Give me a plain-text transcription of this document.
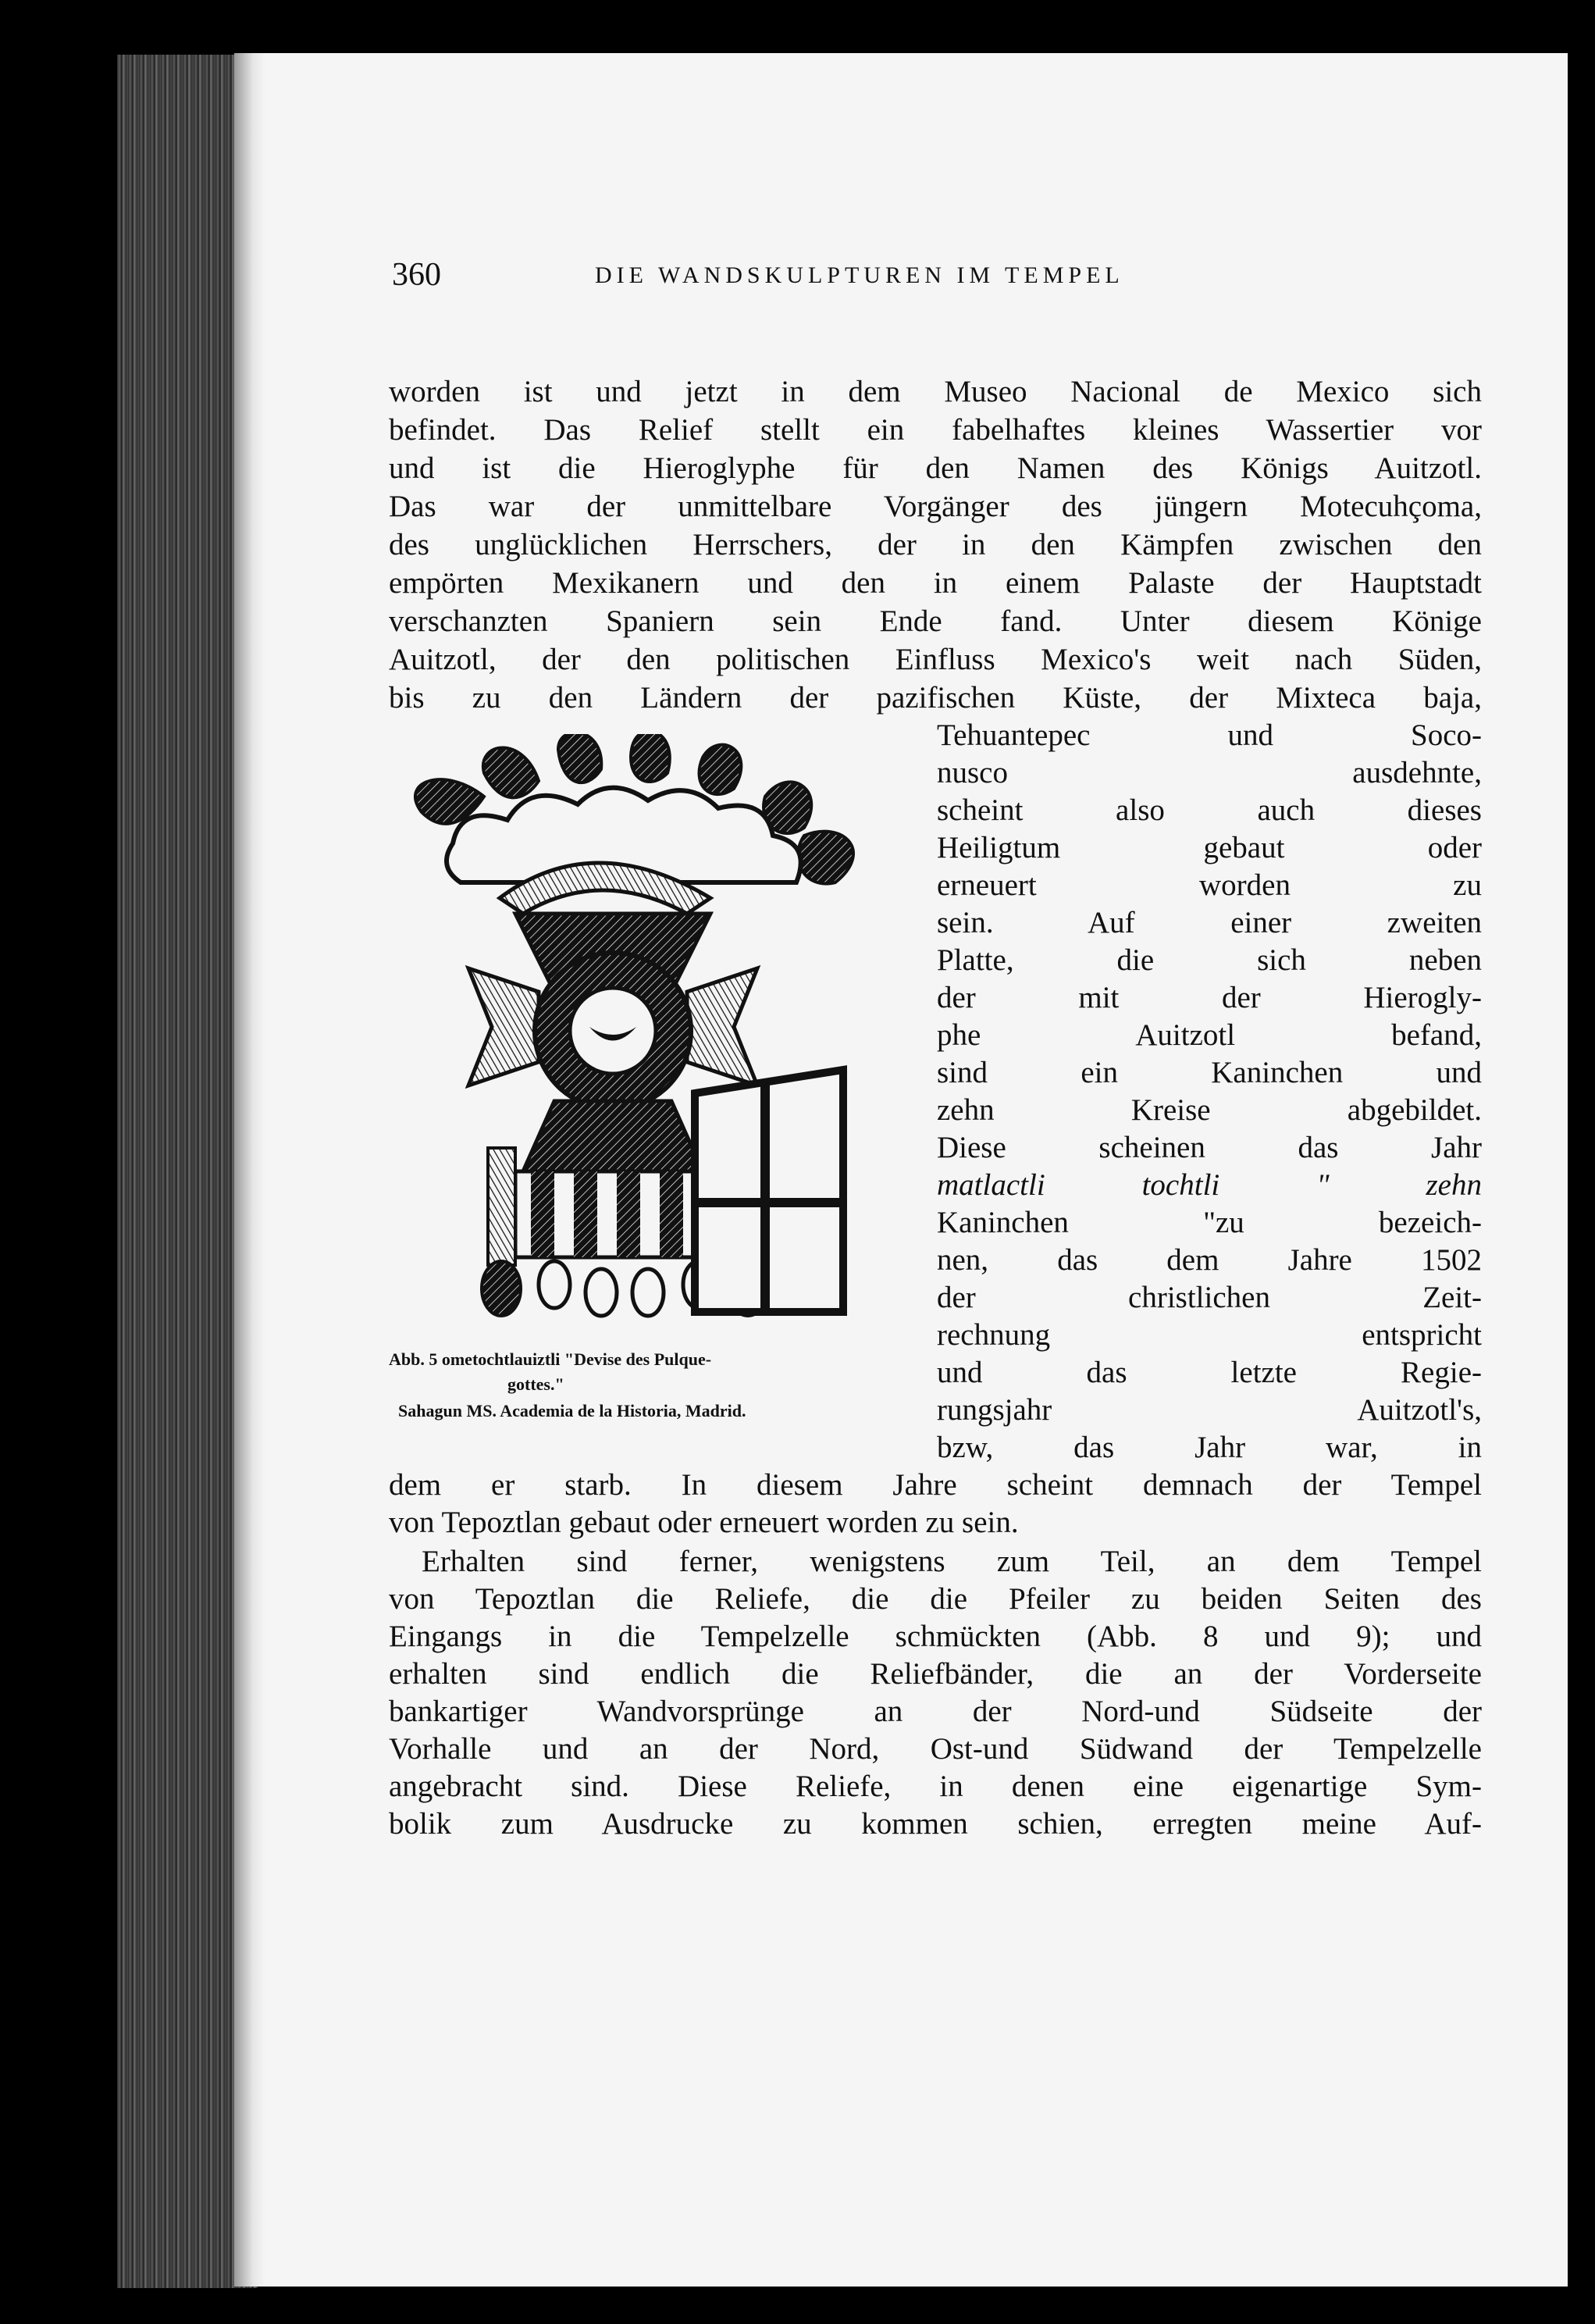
360	DIE WANDSKULPTUREN IM TEMPEL
worden ist und jetzt in dem Museo Nacional de Mexico sich
befindet. Das Relief stellt ein fabelhaftes kleines Wassertier vor
und ist die Hieroglyphe für den Namen des Königs Auitzotl.
Das war der unmittelbare Vorgänger des jüngern Motecuhçoma,
des unglücklichen Herrschers, der in den Kämpfen zwischen den
empörten Mexikanern und den in einem Palaste der Hauptstadt
verschanzten Spaniern sein Ende fand. Unter diesem Könige
Auitzotl, der den politischen Einfluss Mexico's weit nach Süden,
bis zu den Ländern der pazifischen Küste, der Mixteca baja,
Abb. 5 ometochtlauiztli "Devise des Pulque-
gottes."
Sahagun MS. Academia de la Historia, Madrid.
Tehuantepec und Soco-
nusco ausdehnte,
scheint also auch dieses
Heiligtum gebaut oder
erneuert worden zu
sein. Auf einer zweiten
Platte, die sich neben
der mit der Hierogly-
phe Auitzotl befand,
sind ein Kaninchen und
zehn Kreise abgebildet.
Diese scheinen das Jahr
matlactli tochtli " zehn
Kaninchen "zu bezeich-
nen, das dem Jahre 1502
der christlichen Zeit-
rechnung entspricht
und das letzte Regie-
rungsjahr Auitzotl's,
bzw, das Jahr war, in
dem er starb. In diesem Jahre scheint demnach der Tempel
von Tepoztlan gebaut oder erneuert worden zu sein.
Erhalten sind ferner, wenigstens zum Teil, an dem Tempel
von Tepoztlan die Reliefe, die die Pfeiler zu beiden Seiten des
Eingangs in die Tempelzelle schmückten (Abb. 8 und 9); und
erhalten sind endlich die Reliefbänder, die an der Vorderseite
bankartiger Wandvorsprünge an der Nord-und Südseite der
Vorhalle und an der Nord, Ost-und Südwand der Tempelzelle
angebracht sind. Diese Reliefe, in denen eine eigenartige Sym-
bolik zum Ausdrucke zu kommen schien, erregten meine Auf-
